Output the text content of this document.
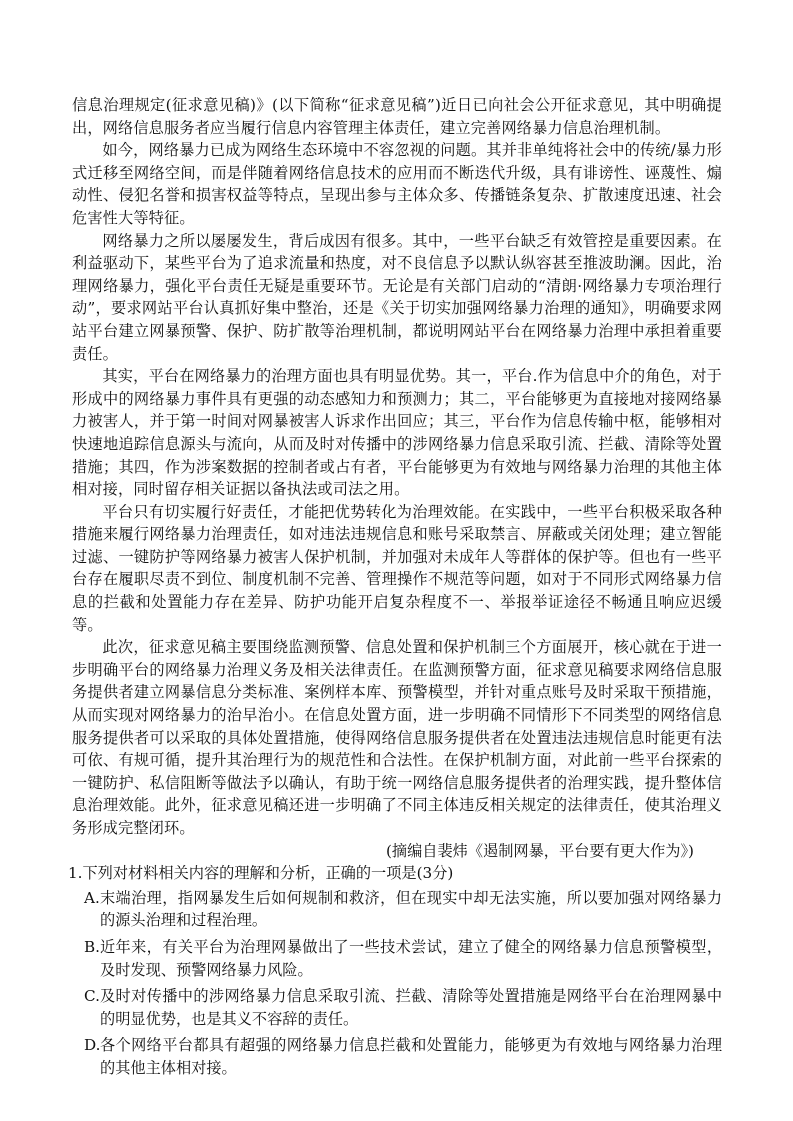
信息治理规定(征求意见稿)》(以下简称“征求意见稿”)近日已向社会公开征求意见，其中明确提出，网络信息服务者应当履行信息内容管理主体责任，建立完善网络暴力信息治理机制。

如今，网络暴力已成为网络生态环境中不容忽视的问题。其并非单纯将社会中的传统/暴力形式迁移至网络空间，而是伴随着网络信息技术的应用而不断迭代升级，具有诽谤性、诬蔑性、煽动性、侵犯名誉和损害权益等特点，呈现出参与主体众多、传播链条复杂、扩散速度迅速、社会危害性大等特征。

网络暴力之所以屡屡发生，背后成因有很多。其中，一些平台缺乏有效管控是重要因素。在利益驱动下，某些平台为了追求流量和热度，对不良信息予以默认纵容甚至推波助澜。因此，治理网络暴力，强化平台责任无疑是重要环节。无论是有关部门启动的“清朗·网络暴力专项治理行动”，要求网站平台认真抓好集中整治，还是《关于切实加强网络暴力治理的通知》，明确要求网站平台建立网暴预警、保护、防扩散等治理机制，都说明网站平台在网络暴力治理中承担着重要责任。

其实，平台在网络暴力的治理方面也具有明显优势。其一，平台.作为信息中介的角色，对于形成中的网络暴力事件具有更强的动态感知力和预测力；其二，平台能够更为直接地对接网络暴力被害人，并于第一时间对网暴被害人诉求作出回应；其三，平台作为信息传输中枢，能够相对快速地追踪信息源头与流向，从而及时对传播中的涉网络暴力信息采取引流、拦截、清除等处置措施；其四，作为涉案数据的控制者或占有者，平台能够更为有效地与网络暴力治理的其他主体相对接，同时留存相关证据以备执法或司法之用。

平台只有切实履行好责任，才能把优势转化为治理效能。在实践中，一些平台积极采取各种措施来履行网络暴力治理责任，如对违法违规信息和账号采取禁言、屏蔽或关闭处理；建立智能过滤、一键防护等网络暴力被害人保护机制，并加强对未成年人等群体的保护等。但也有一些平台存在履职尽责不到位、制度机制不完善、管理操作不规范等问题，如对于不同形式网络暴力信息的拦截和处置能力存在差异、防护功能开启复杂程度不一、举报举证途径不畅通且响应迟缓等。

此次，征求意见稿主要围绕监测预警、信息处置和保护机制三个方面展开，核心就在于进一步明确平台的网络暴力治理义务及相关法律责任。在监测预警方面，征求意见稿要求网络信息服务提供者建立网暴信息分类标准、案例样本库、预警模型，并针对重点账号及时采取干预措施，从而实现对网络暴力的治早治小。在信息处置方面，进一步明确不同情形下不同类型的网络信息服务提供者可以采取的具体处置措施，使得网络信息服务提供者在处置违法违规信息时能更有法可依、有规可循，提升其治理行为的规范性和合法性。在保护机制方面，对此前一些平台探索的一键防护、私信阻断等做法予以确认，有助于统一网络信息服务提供者的治理实践，提升整体信息治理效能。此外，征求意见稿还进一步明确了不同主体违反相关规定的法律责任，使其治理义务形成完整闭环。

(摘编自裴炜《遏制网暴，平台要有更大作为》)

1.下列对材料相关内容的理解和分析，正确的一项是(3分)

A. 末端治理，指网暴发生后如何规制和救济，但在现实中却无法实施，所以要加强对网络暴力的源头治理和过程治理。

B. 近年来，有关平台为治理网暴做出了一些技术尝试，建立了健全的网络暴力信息预警模型，及时发现、预警网络暴力风险。

C. 及时对传播中的涉网络暴力信息采取引流、拦截、清除等处置措施是网络平台在治理网暴中的明显优势，也是其义不容辞的责任。

D. 各个网络平台都具有超强的网络暴力信息拦截和处置能力，能够更为有效地与网络暴力治理的其他主体相对接。
